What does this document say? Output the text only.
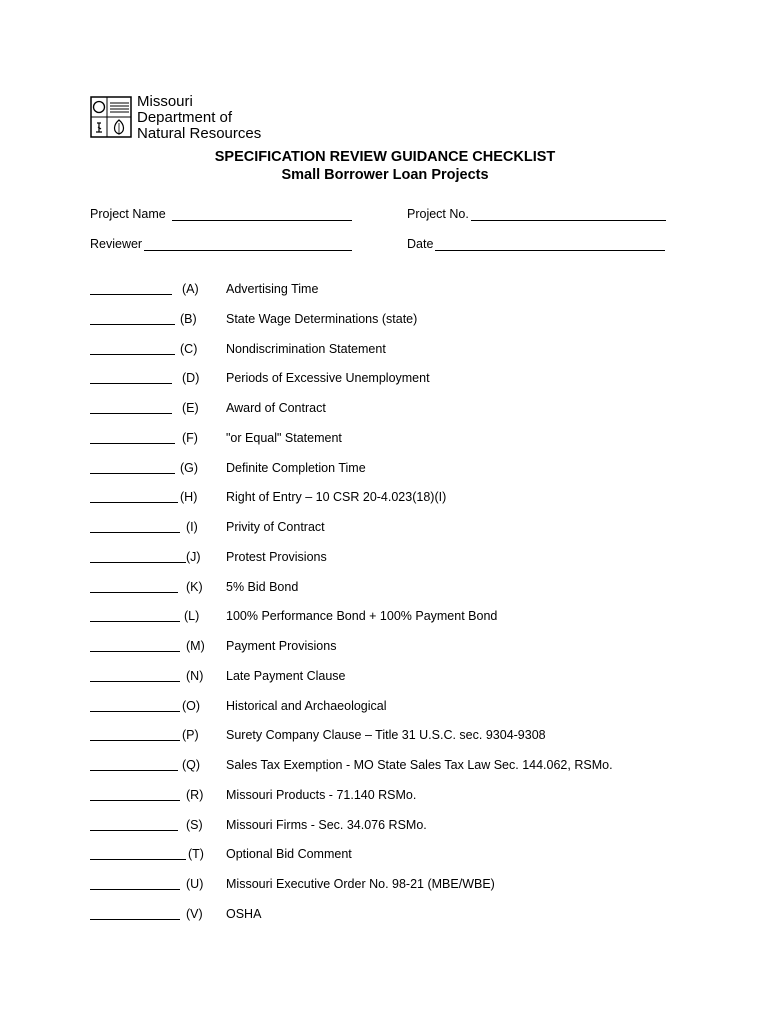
Missouri
Department of
Natural Resources
SPECIFICATION REVIEW GUIDANCE CHECKLIST
Small Borrower Loan Projects
Project Name	Project No.
Reviewer	Date
(A) Advertising Time
(B) State Wage Determinations (state)
(C) Nondiscrimination Statement
(D) Periods of Excessive Unemployment
(E) Award of Contract
(F) "or Equal" Statement
(G) Definite Completion Time
(H) Right of Entry – 10 CSR 20-4.023(18)(I)
(I) Privity of Contract
(J) Protest Provisions
(K) 5% Bid Bond
(L) 100% Performance Bond + 100% Payment Bond
(M) Payment Provisions
(N) Late Payment Clause
(O) Historical and Archaeological
(P) Surety Company Clause – Title 31 U.S.C. sec. 9304-9308
(Q) Sales Tax Exemption - MO State Sales Tax Law Sec. 144.062, RSMo.
(R) Missouri Products - 71.140 RSMo.
(S) Missouri Firms - Sec. 34.076 RSMo.
(T) Optional Bid Comment
(U) Missouri Executive Order No. 98-21 (MBE/WBE)
(V) OSHA
